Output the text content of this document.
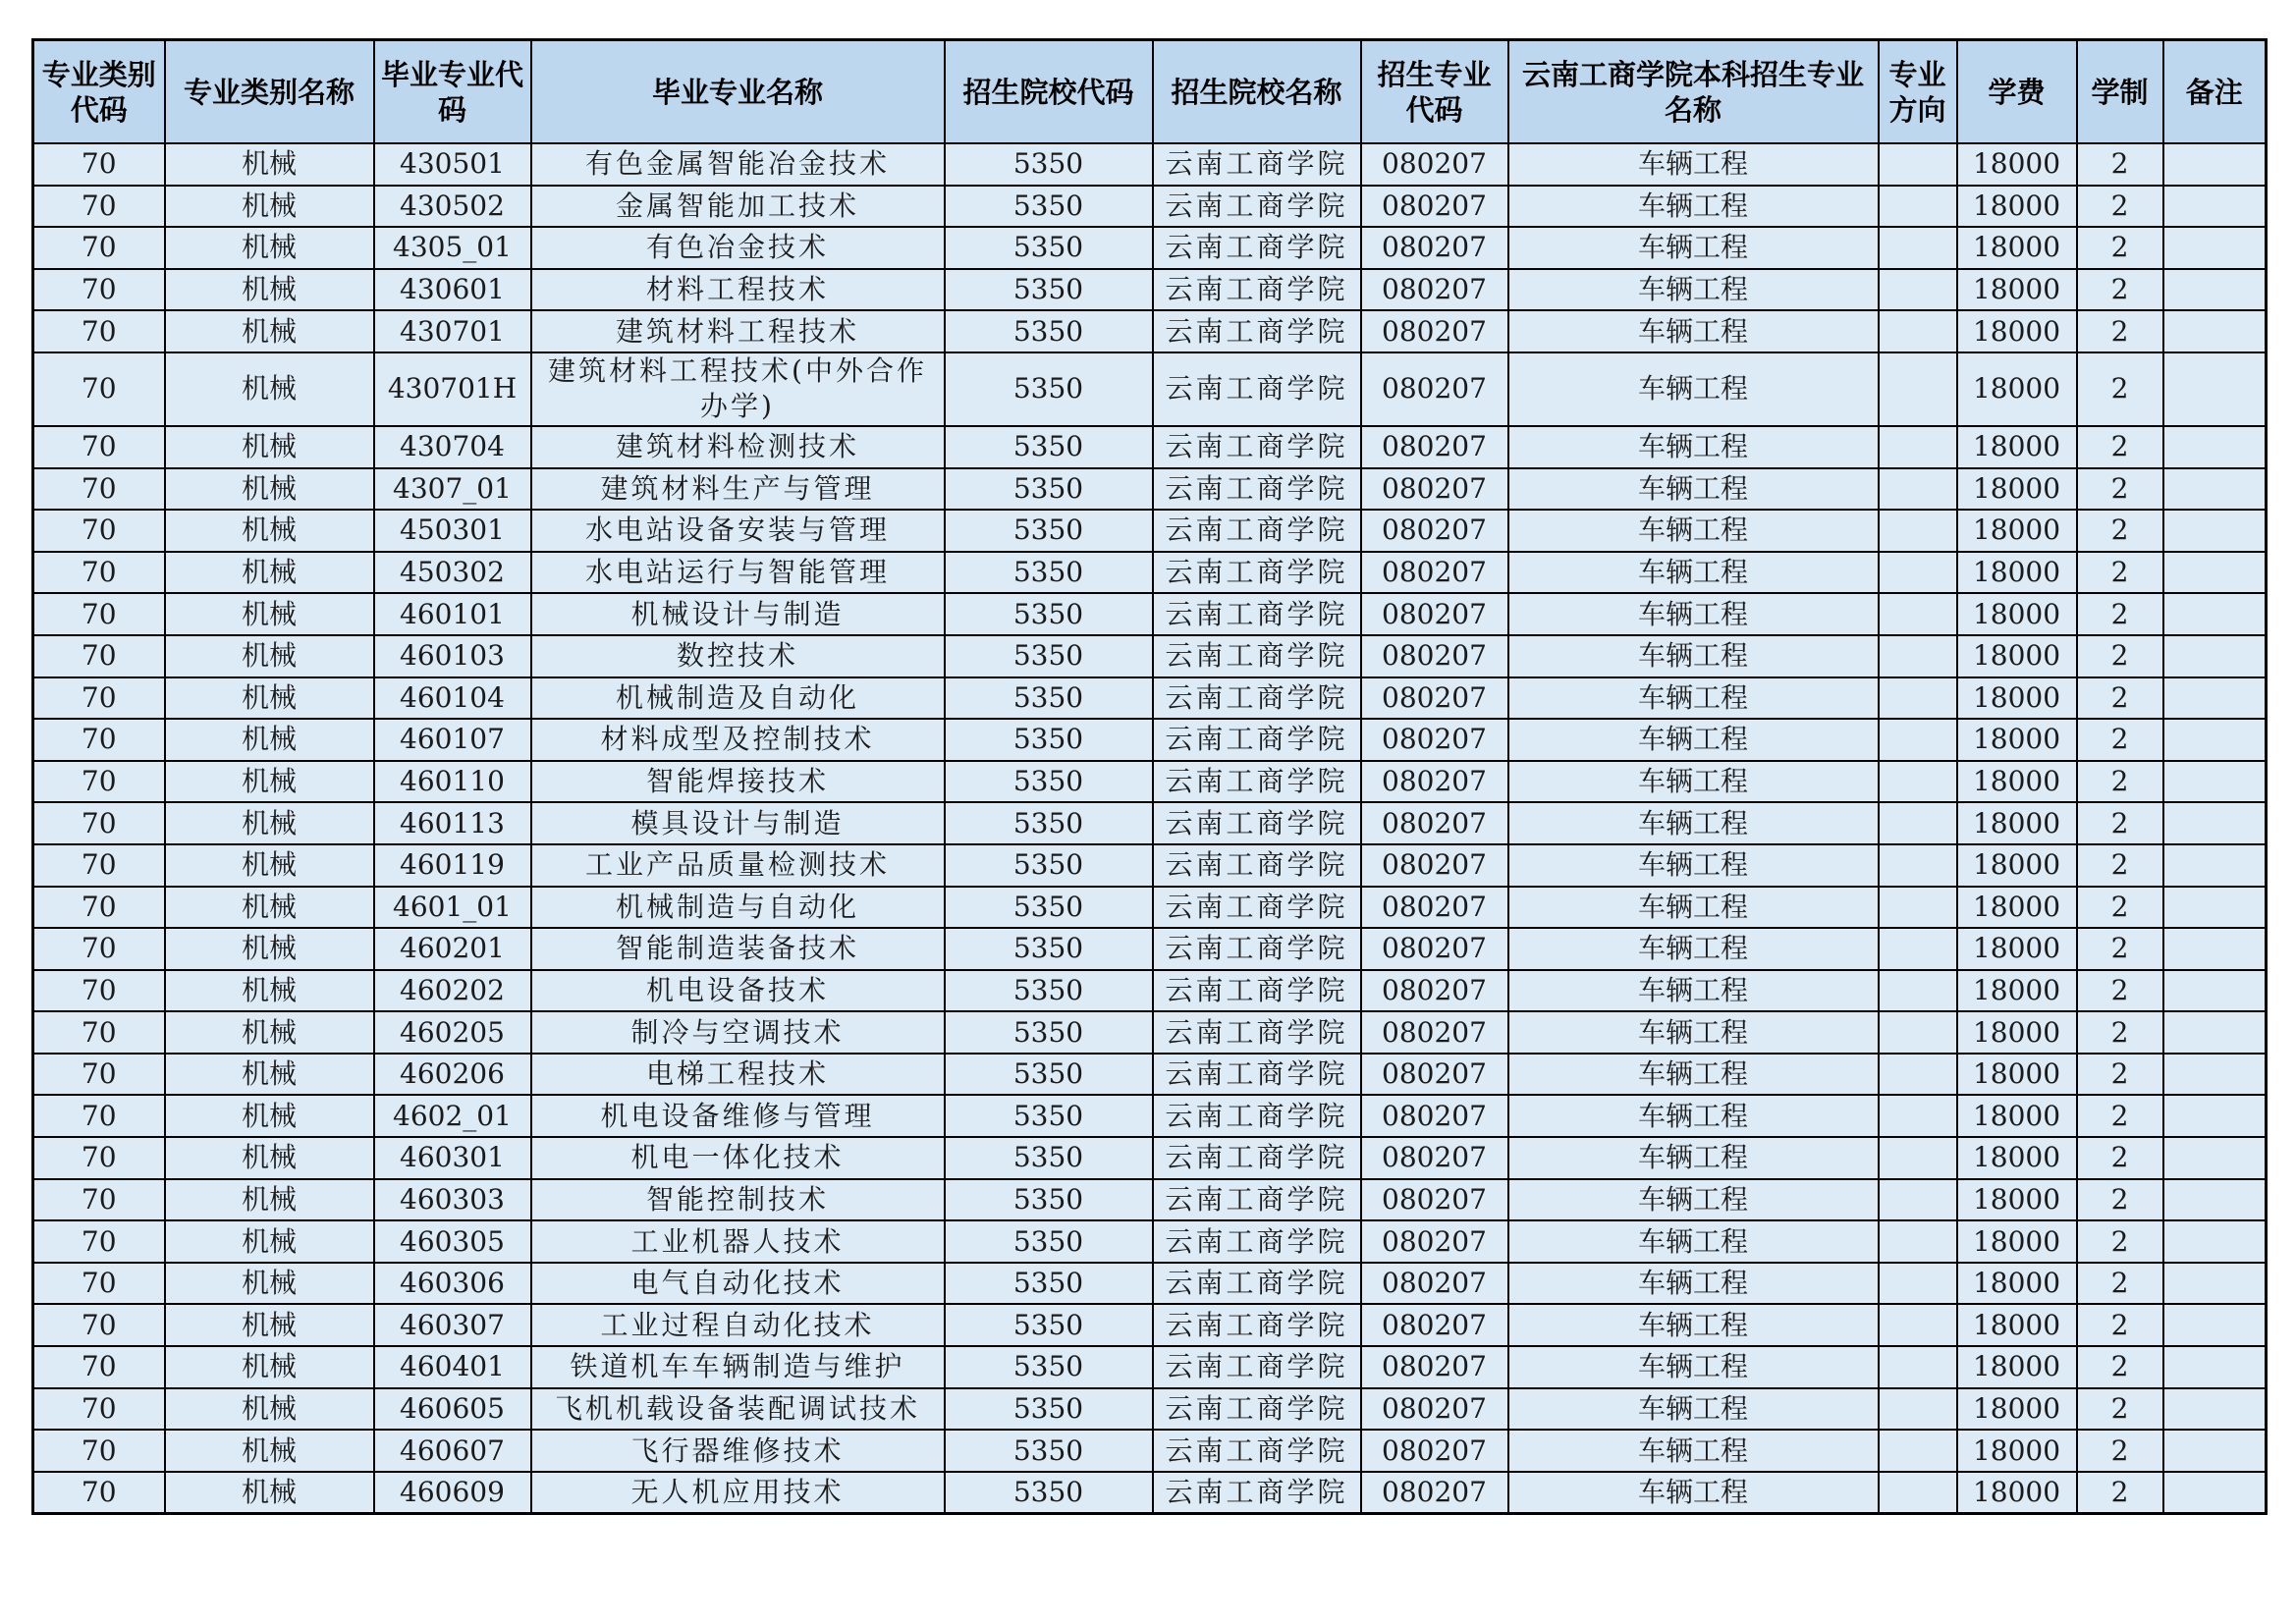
专业类别代码	专业类别名称	毕业专业代码	毕业专业名称	招生院校代码	招生院校名称	招生专业代码	云南工商学院本科招生专业名称	专业方向	学费	学制	备注
70	机械	430501	有色金属智能冶金技术	5350	云南工商学院	080207	车辆工程		18000	2	
70	机械	430502	金属智能加工技术	5350	云南工商学院	080207	车辆工程		18000	2	
70	机械	4305_01	有色冶金技术	5350	云南工商学院	080207	车辆工程		18000	2	
70	机械	430601	材料工程技术	5350	云南工商学院	080207	车辆工程		18000	2	
70	机械	430701	建筑材料工程技术	5350	云南工商学院	080207	车辆工程		18000	2	
70	机械	430701H	建筑材料工程技术(中外合作办学)	5350	云南工商学院	080207	车辆工程		18000	2	
70	机械	430704	建筑材料检测技术	5350	云南工商学院	080207	车辆工程		18000	2	
70	机械	4307_01	建筑材料生产与管理	5350	云南工商学院	080207	车辆工程		18000	2	
70	机械	450301	水电站设备安装与管理	5350	云南工商学院	080207	车辆工程		18000	2	
70	机械	450302	水电站运行与智能管理	5350	云南工商学院	080207	车辆工程		18000	2	
70	机械	460101	机械设计与制造	5350	云南工商学院	080207	车辆工程		18000	2	
70	机械	460103	数控技术	5350	云南工商学院	080207	车辆工程		18000	2	
70	机械	460104	机械制造及自动化	5350	云南工商学院	080207	车辆工程		18000	2	
70	机械	460107	材料成型及控制技术	5350	云南工商学院	080207	车辆工程		18000	2	
70	机械	460110	智能焊接技术	5350	云南工商学院	080207	车辆工程		18000	2	
70	机械	460113	模具设计与制造	5350	云南工商学院	080207	车辆工程		18000	2	
70	机械	460119	工业产品质量检测技术	5350	云南工商学院	080207	车辆工程		18000	2	
70	机械	4601_01	机械制造与自动化	5350	云南工商学院	080207	车辆工程		18000	2	
70	机械	460201	智能制造装备技术	5350	云南工商学院	080207	车辆工程		18000	2	
70	机械	460202	机电设备技术	5350	云南工商学院	080207	车辆工程		18000	2	
70	机械	460205	制冷与空调技术	5350	云南工商学院	080207	车辆工程		18000	2	
70	机械	460206	电梯工程技术	5350	云南工商学院	080207	车辆工程		18000	2	
70	机械	4602_01	机电设备维修与管理	5350	云南工商学院	080207	车辆工程		18000	2	
70	机械	460301	机电一体化技术	5350	云南工商学院	080207	车辆工程		18000	2	
70	机械	460303	智能控制技术	5350	云南工商学院	080207	车辆工程		18000	2	
70	机械	460305	工业机器人技术	5350	云南工商学院	080207	车辆工程		18000	2	
70	机械	460306	电气自动化技术	5350	云南工商学院	080207	车辆工程		18000	2	
70	机械	460307	工业过程自动化技术	5350	云南工商学院	080207	车辆工程		18000	2	
70	机械	460401	铁道机车车辆制造与维护	5350	云南工商学院	080207	车辆工程		18000	2	
70	机械	460605	飞机机载设备装配调试技术	5350	云南工商学院	080207	车辆工程		18000	2	
70	机械	460607	飞行器维修技术	5350	云南工商学院	080207	车辆工程		18000	2	
70	机械	460609	无人机应用技术	5350	云南工商学院	080207	车辆工程		18000	2	
